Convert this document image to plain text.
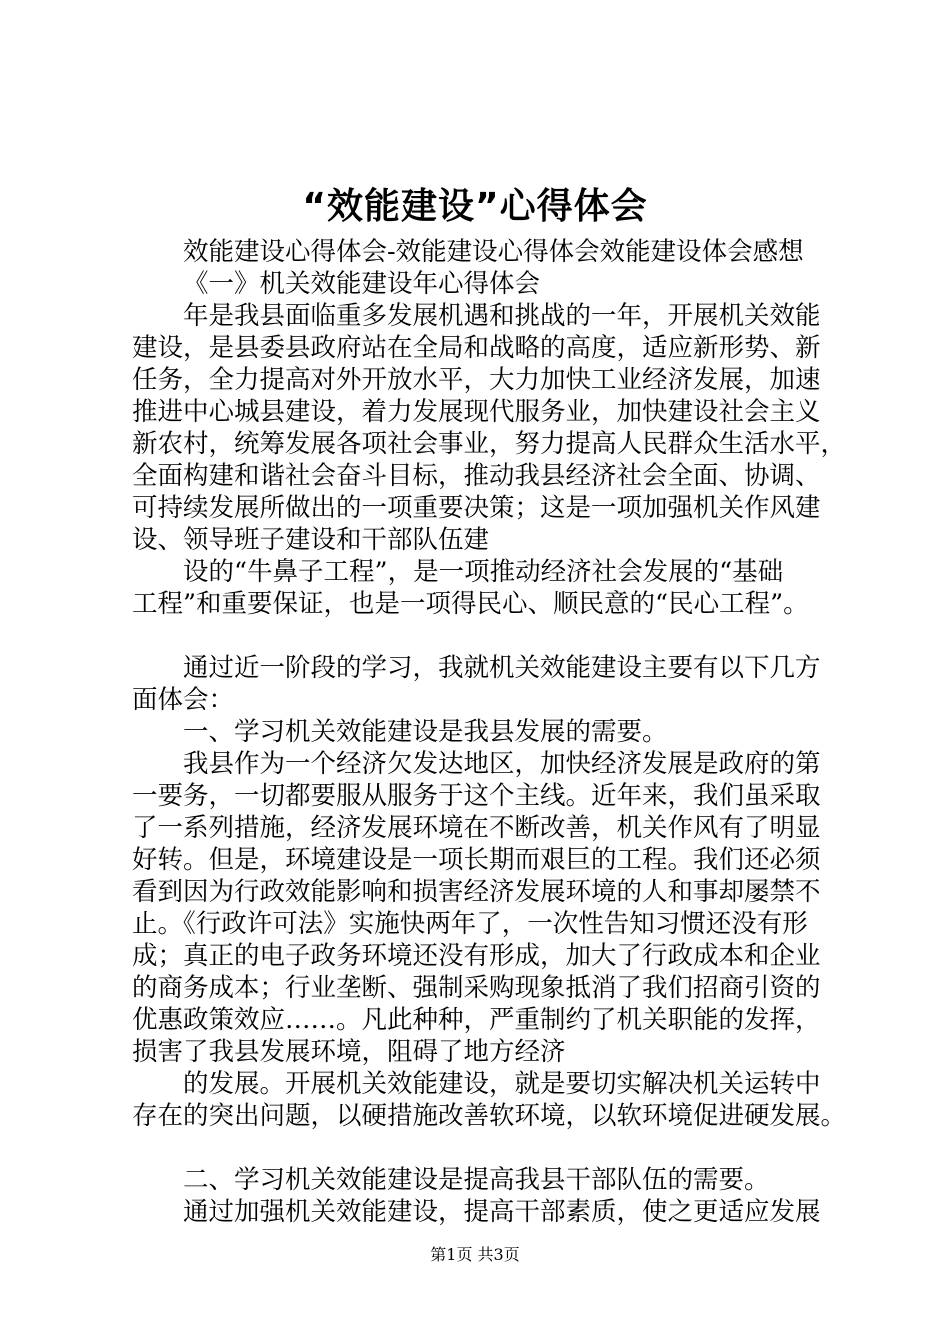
“效能建设”心得体会
效能建设心得体会-效能建设心得体会效能建设体会感想
《一》机关效能建设年心得体会
年是我县面临重多发展机遇和挑战的一年，开展机关效能
建设，是县委县政府站在全局和战略的高度，适应新形势、新
任务，全力提高对外开放水平，大力加快工业经济发展，加速
推进中心城县建设，着力发展现代服务业，加快建设社会主义
新农村，统筹发展各项社会事业，努力提高人民群众生活水平，
全面构建和谐社会奋斗目标，推动我县经济社会全面、协调、
可持续发展所做出的一项重要决策；这是一项加强机关作风建
设、领导班子建设和干部队伍建
设的“牛鼻子工程”，是一项推动经济社会发展的“基础
工程”和重要保证，也是一项得民心、顺民意的“民心工程”。
通过近一阶段的学习，我就机关效能建设主要有以下几方
面体会：
一、学习机关效能建设是我县发展的需要。
我县作为一个经济欠发达地区，加快经济发展是政府的第
一要务，一切都要服从服务于这个主线。近年来，我们虽采取
了一系列措施，经济发展环境在不断改善，机关作风有了明显
好转。但是，环境建设是一项长期而艰巨的工程。我们还必须
看到因为行政效能影响和损害经济发展环境的人和事却屡禁不
止。《行政许可法》实施快两年了，一次性告知习惯还没有形
成；真正的电子政务环境还没有形成，加大了行政成本和企业
的商务成本；行业垄断、强制采购现象抵消了我们招商引资的
优惠政策效应……。凡此种种，严重制约了机关职能的发挥，
损害了我县发展环境，阻碍了地方经济
的发展。开展机关效能建设，就是要切实解决机关运转中
存在的突出问题，以硬措施改善软环境，以软环境促进硬发展。
二、学习机关效能建设是提高我县干部队伍的需要。
通过加强机关效能建设，提高干部素质，使之更适应发展
第1页 共3页
